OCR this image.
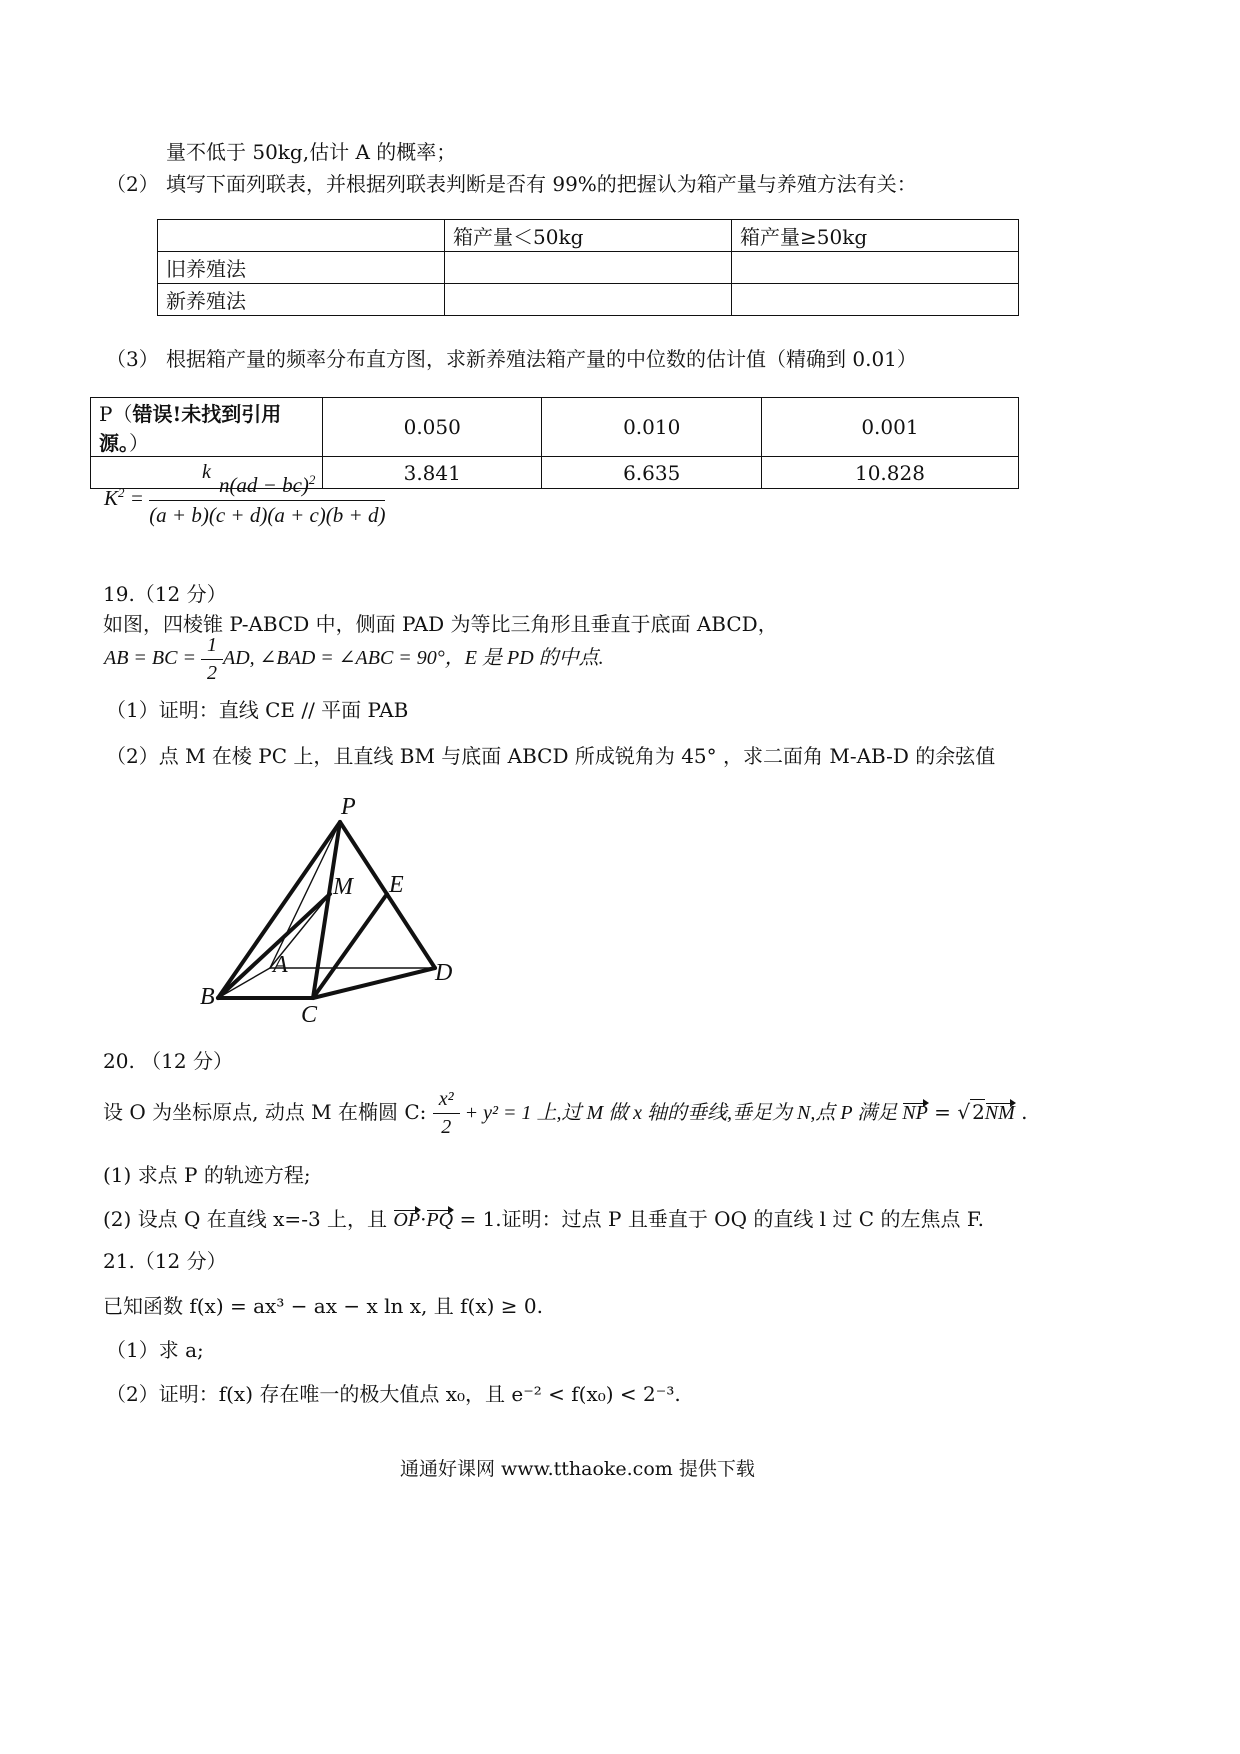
量不低于 50kg,估计 A 的概率；
（2） 填写下面列联表，并根据列联表判断是否有 99%的把握认为箱产量与养殖方法有关：
	箱产量＜50kg	箱产量≥50kg
旧养殖法		
新养殖法		
（3） 根据箱产量的频率分布直方图，求新养殖法箱产量的中位数的估计值（精确到 0.01）
P（错误!未找到引用源。）	0.050	0.010	0.001
k	3.841	6.635	10.828
$K^2 = \frac{n(ad - bc)^2}{(a + b)(c + d)(a + c)(b + d)}$
19.（12 分）
如图，四棱锥 P-ABCD 中，侧面 PAD 为等比三角形且垂直于底面 ABCD，
AB = BC = $\frac{1}{2}$ AD, ∠BAD = ∠ABC = 90°，E 是 PD 的中点.
（1）证明：直线 CE // 平面 PAB
（2）点 M 在棱 PC 上，且直线 BM 与底面 ABCD 所成锐角为 45° ，求二面角 M-AB-D 的余弦值
P
M E
A
B
C
D
20. （12 分）
设 O 为坐标原点, 动点 M 在椭圆 C: $\frac{\text{x²}}{2} + y^2 = 1$ 上,过 M 做 x 轴的垂线,垂足为 N,点 P 满足 NP = √ 2NM .
(1) 求点 P 的轨迹方程;
(2) 设点 Q 在直线 x=-3 上，且 OP·PQ = 1.证明：过点 P 且垂直于 OQ 的直线 l 过 C 的左焦点 F.
21.（12 分）
已知函数 f(x) = ax³ − ax − x ln x, 且 f(x) ≥ 0.
（1）求 a;
（2）证明：f(x) 存在唯一的极大值点 x₀，且 e⁻² < f(x₀) < 2⁻³.
通通好课网 www.tthaoke.com 提供下载
